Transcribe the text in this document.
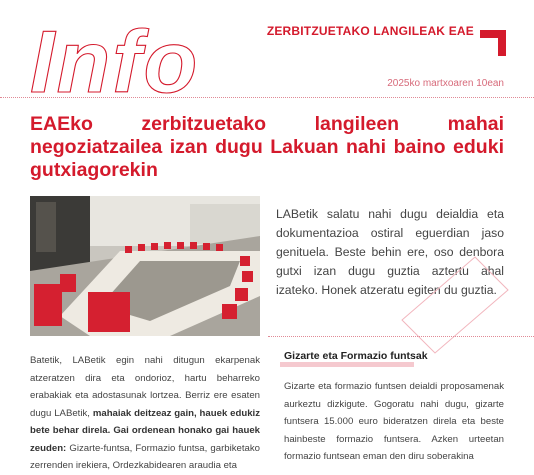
Info	ZERBITZUETAKO LANGILEAK EAE
2025ko martxoaren 10ean
EAEko zerbitzuetako langileen mahai negoziatzailea izan dugu Lakuan nahi baino eduki gutxiagorekin

LABetik salatu nahi dugu deialdia eta dokumentazioa ostiral eguerdian jaso genituela. Beste behin ere, oso denbora gutxi izan dugu guztia aztertu ahal izateko. Honek atzeratu egiten du guztia.

Batetik, LABetik egin nahi ditugun ekarpenak atzeratzen dira eta ondorioz, hartu beharreko erabakiak eta adostasunak lortzea. Berriz ere esaten dugu LABetik, mahaiak deitzeaz gain, hauek edukiz bete behar direla. Gai ordenean honako gai hauek zeuden: Gizarte-funtsa, Formazio funtsa, garbiketako zerrenden irekiera, Ordezkabidearen araudia eta

Gizarte eta Formazio funtsak

Gizarte eta formazio funtsen deialdi proposamenak aurkeztu dizkigute. Gogoratu nahi dugu, gizarte funtsera 15.000 euro bideratzen direla eta beste hainbeste formazio funtsera. Azken urteetan formazio funtsean eman den diru soberakina
